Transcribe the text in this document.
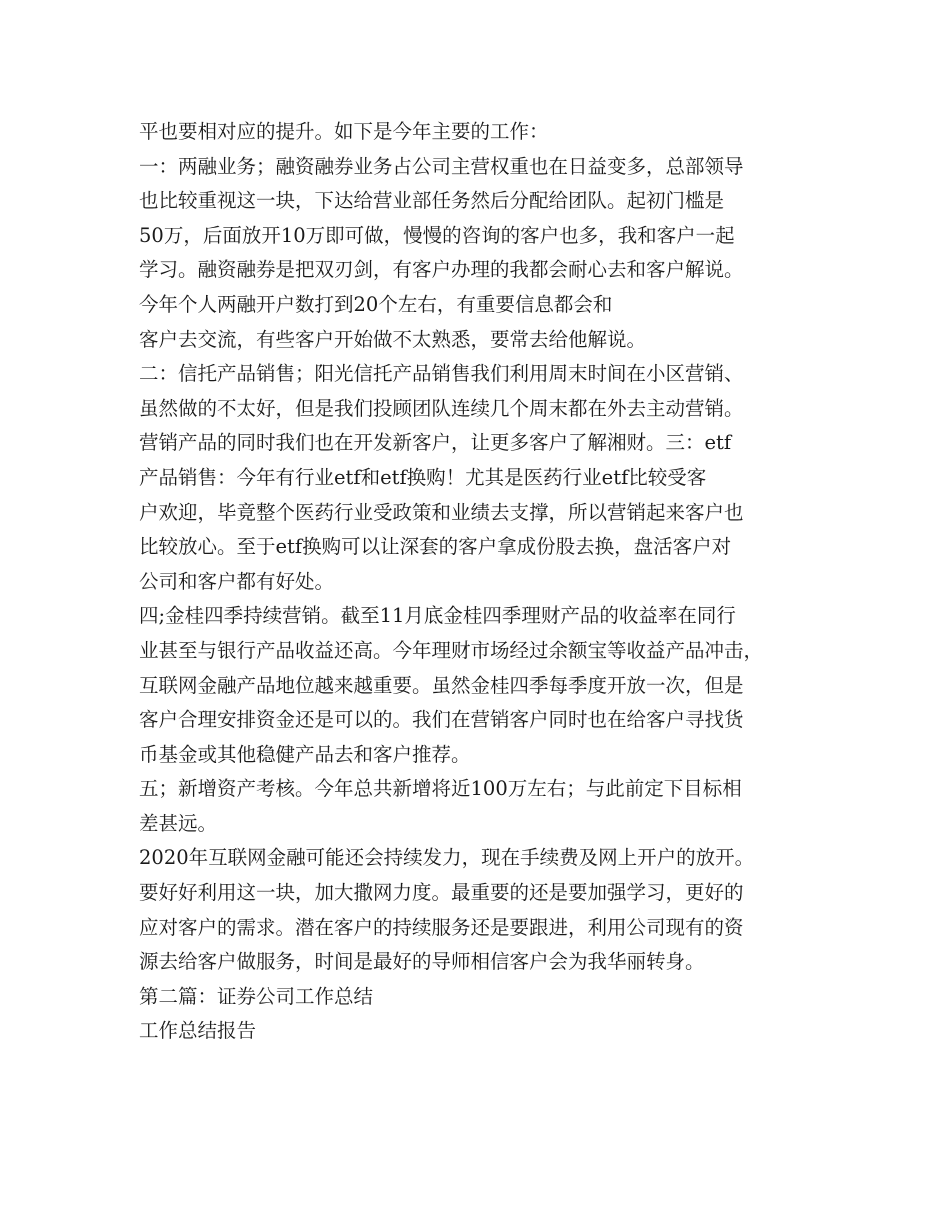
平也要相对应的提升。如下是今年主要的工作：
一：两融业务；融资融券业务占公司主营权重也在日益变多，总部领导
也比较重视这一块，下达给营业部任务然后分配给团队。起初门槛是
50万，后面放开10万即可做，慢慢的咨询的客户也多，我和客户一起
学习。融资融券是把双刃剑，有客户办理的我都会耐心去和客户解说。
今年个人两融开户数打到20个左右，有重要信息都会和
客户去交流，有些客户开始做不太熟悉，要常去给他解说。
二：信托产品销售；阳光信托产品销售我们利用周末时间在小区营销、
虽然做的不太好，但是我们投顾团队连续几个周末都在外去主动营销。
营销产品的同时我们也在开发新客户，让更多客户了解湘财。三：etf
产品销售：今年有行业etf和etf换购！尤其是医药行业etf比较受客
户欢迎，毕竟整个医药行业受政策和业绩去支撑，所以营销起来客户也
比较放心。至于etf换购可以让深套的客户拿成份股去换，盘活客户对
公司和客户都有好处。
四;金桂四季持续营销。截至11月底金桂四季理财产品的收益率在同行
业甚至与银行产品收益还高。今年理财市场经过余额宝等收益产品冲击，
互联网金融产品地位越来越重要。虽然金桂四季每季度开放一次，但是
客户合理安排资金还是可以的。我们在营销客户同时也在给客户寻找货
币基金或其他稳健产品去和客户推荐。
五；新增资产考核。今年总共新增将近100万左右；与此前定下目标相
差甚远。
2020年互联网金融可能还会持续发力，现在手续费及网上开户的放开。
要好好利用这一块，加大撒网力度。最重要的还是要加强学习，更好的
应对客户的需求。潜在客户的持续服务还是要跟进，利用公司现有的资
源去给客户做服务，时间是最好的导师相信客户会为我华丽转身。
第二篇：证券公司工作总结
工作总结报告
